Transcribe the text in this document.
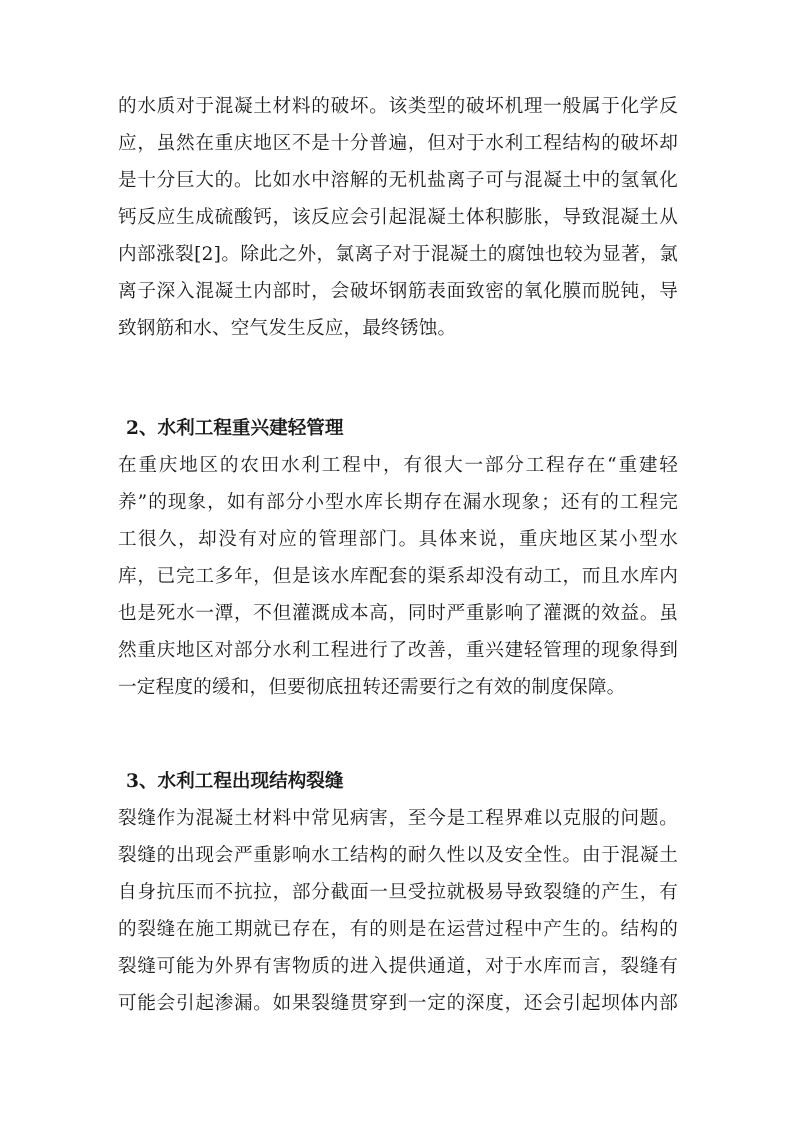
的水质对于混凝土材料的破坏。该类型的破坏机理一般属于化学反
应，虽然在重庆地区不是十分普遍，但对于水利工程结构的破坏却
是十分巨大的。比如水中溶解的无机盐离子可与混凝土中的氢氧化
钙反应生成硫酸钙，该反应会引起混凝土体积膨胀，导致混凝土从
内部涨裂[2]。除此之外，氯离子对于混凝土的腐蚀也较为显著，氯
离子深入混凝土内部时，会破坏钢筋表面致密的氧化膜而脱钝，导
致钢筋和水、空气发生反应，最终锈蚀。
2、水利工程重兴建轻管理
在重庆地区的农田水利工程中，有很大一部分工程存在“重建轻
养”的现象，如有部分小型水库长期存在漏水现象；还有的工程完
工很久，却没有对应的管理部门。具体来说，重庆地区某小型水
库，已完工多年，但是该水库配套的渠系却没有动工，而且水库内
也是死水一潭，不但灌溉成本高，同时严重影响了灌溉的效益。虽
然重庆地区对部分水利工程进行了改善，重兴建轻管理的现象得到
一定程度的缓和，但要彻底扭转还需要行之有效的制度保障。
3、水利工程出现结构裂缝
裂缝作为混凝土材料中常见病害，至今是工程界难以克服的问题。
裂缝的出现会严重影响水工结构的耐久性以及安全性。由于混凝土
自身抗压而不抗拉，部分截面一旦受拉就极易导致裂缝的产生，有
的裂缝在施工期就已存在，有的则是在运营过程中产生的。结构的
裂缝可能为外界有害物质的进入提供通道，对于水库而言，裂缝有
可能会引起渗漏。如果裂缝贯穿到一定的深度，还会引起坝体内部
